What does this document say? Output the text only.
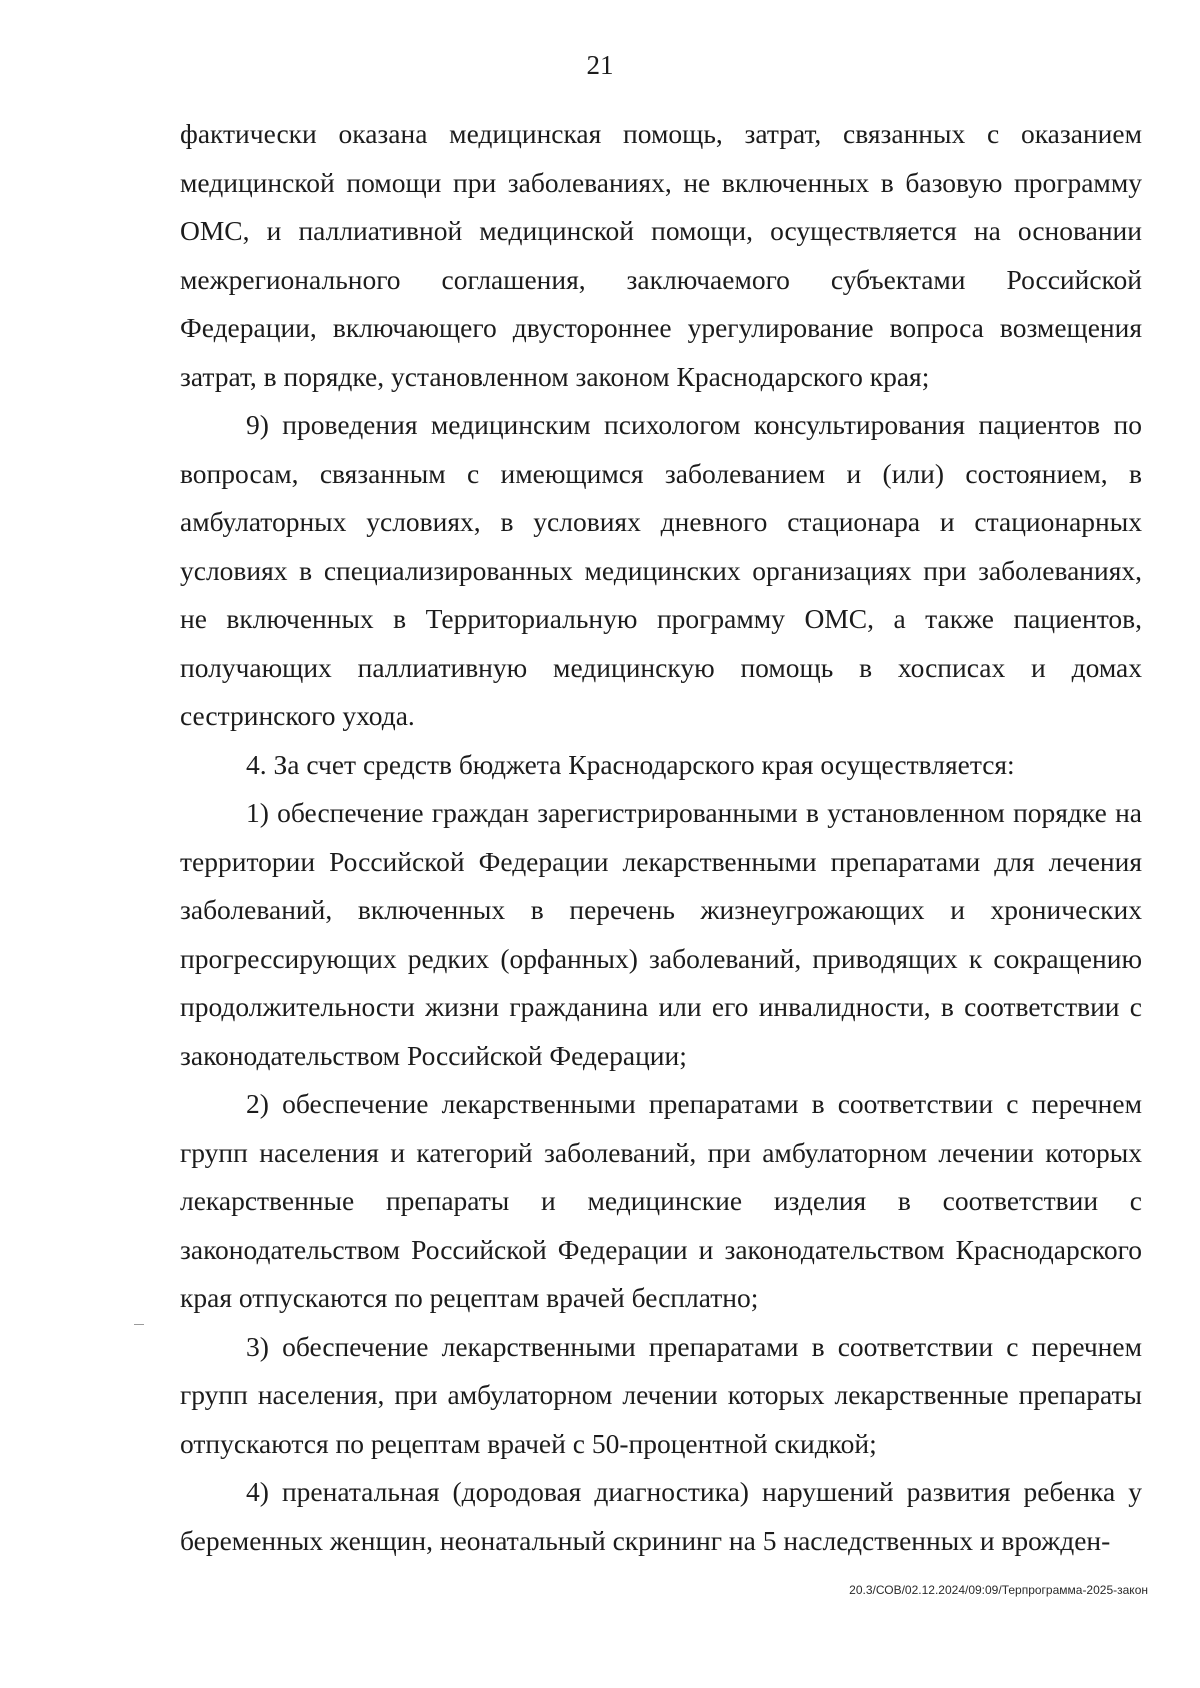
21

фактически оказана медицинская помощь, затрат, связанных с оказанием медицинской помощи при заболеваниях, не включенных в базовую программу ОМС, и паллиативной медицинской помощи, осуществляется на основании межрегионального соглашения, заключаемого субъектами Российской Федерации, включающего двустороннее урегулирование вопроса возмещения затрат, в порядке, установленном законом Краснодарского края;

9) проведения медицинским психологом консультирования пациентов по вопросам, связанным с имеющимся заболеванием и (или) состоянием, в амбулаторных условиях, в условиях дневного стационара и стационарных условиях в специализированных медицинских организациях при заболеваниях, не включенных в Территориальную программу ОМС, а также пациентов, получающих паллиативную медицинскую помощь в хосписах и домах сестринского ухода.

4. За счет средств бюджета Краснодарского края осуществляется:

1) обеспечение граждан зарегистрированными в установленном порядке на территории Российской Федерации лекарственными препаратами для лечения заболеваний, включенных в перечень жизнеугрожающих и хронических прогрессирующих редких (орфанных) заболеваний, приводящих к сокращению продолжительности жизни гражданина или его инвалидности, в соответствии с законодательством Российской Федерации;

2) обеспечение лекарственными препаратами в соответствии с перечнем групп населения и категорий заболеваний, при амбулаторном лечении которых лекарственные препараты и медицинские изделия в соответствии с законодательством Российской Федерации и законодательством Краснодарского края отпускаются по рецептам врачей бесплатно;

3) обеспечение лекарственными препаратами в соответствии с перечнем групп населения, при амбулаторном лечении которых лекарственные препараты отпускаются по рецептам врачей с 50-процентной скидкой;

4) пренатальная (дородовая диагностика) нарушений развития ребенка у беременных женщин, неонатальный скрининг на 5 наследственных и врожден-

20.3/СОВ/02.12.2024/09:09/Терпрограмма-2025-закон
